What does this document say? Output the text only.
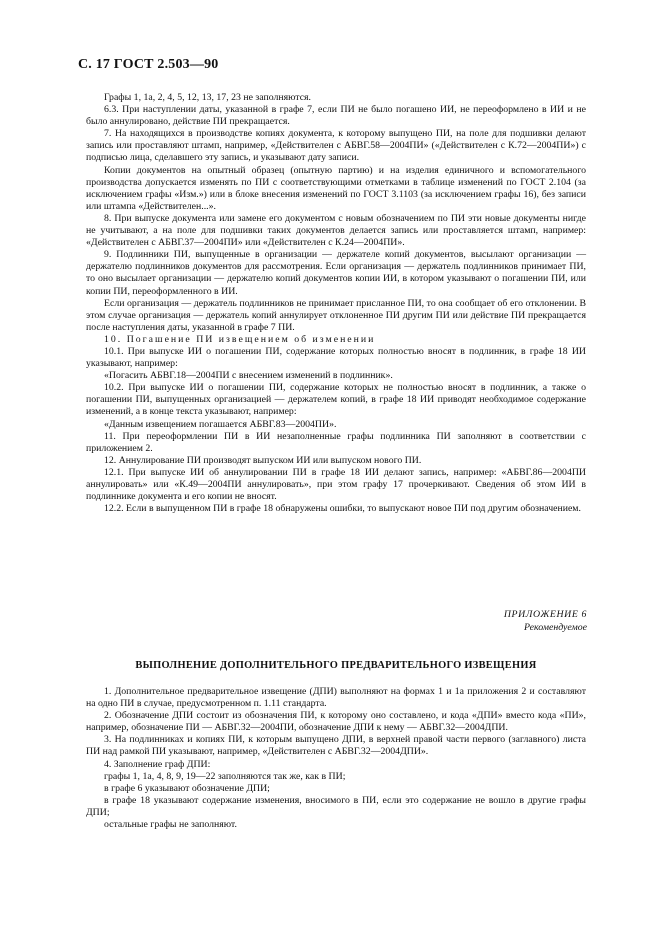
С. 17 ГОСТ 2.503—90

Графы 1, 1а, 2, 4, 5, 12, 13, 17, 23 не заполняются.

6.3. При наступлении даты, указанной в графе 7, если ПИ не было погашено ИИ, не переоформлено в ИИ и не было аннулировано, действие ПИ прекращается.

7. На находящихся в производстве копиях документа, к которому выпущено ПИ, на поле для подшивки делают запись или проставляют штамп, например, «Действителен с АБВГ.58—2004ПИ» («Действителен с К.72—2004ПИ») с подписью лица, сделавшего эту запись, и указывают дату записи.

Копии документов на опытный образец (опытную партию) и на изделия единичного и вспомогательного производства допускается изменять по ПИ с соответствующими отметками в таблице изменений по ГОСТ 2.104 (за исключением графы «Изм.») или в блоке внесения изменений по ГОСТ 3.1103 (за исключением графы 16), без записи или штампа «Действителен...».

8. При выпуске документа или замене его документом с новым обозначением по ПИ эти новые документы нигде не учитывают, а на поле для подшивки таких документов делается запись или проставляется штамп, например: «Действителен с АБВГ.37—2004ПИ» или «Действителен с К.24—2004ПИ».

9. Подлинники ПИ, выпущенные в организации — держателе копий документов, высылают организации — держателю подлинников документов для рассмотрения. Если организация — держатель подлинников принимает ПИ, то оно высылает организации — держателю копий документов копии ИИ, в котором указывают о погашении ПИ, или копии ПИ, переоформленного в ИИ.

Если организация — держатель подлинников не принимает присланное ПИ, то она сообщает об его отклонении. В этом случае организация — держатель копий аннулирует отклоненное ПИ другим ПИ или действие ПИ прекращается после наступления даты, указанной в графе 7 ПИ.

10. Погашение ПИ извещением об изменении

10.1. При выпуске ИИ о погашении ПИ, содержание которых полностью вносят в подлинник, в графе 18 ИИ указывают, например:

«Погасить АБВГ.18—2004ПИ с внесением изменений в подлинник».

10.2. При выпуске ИИ о погашении ПИ, содержание которых не полностью вносят в подлинник, а также о погашении ПИ, выпущенных организацией — держателем копий, в графе 18 ИИ приводят необходимое содержание изменений, а в конце текста указывают, например:

«Данным извещением погашается АБВГ.83—2004ПИ».

11. При переоформлении ПИ в ИИ незаполненные графы подлинника ПИ заполняют в соответствии с приложением 2.

12. Аннулирование ПИ производят выпуском ИИ или выпуском нового ПИ.

12.1. При выпуске ИИ об аннулировании ПИ в графе 18 ИИ делают запись, например: «АБВГ.86—2004ПИ аннулировать» или «К.49—2004ПИ аннулировать», при этом графу 17 прочеркивают. Сведения об этом ИИ в подлиннике документа и его копии не вносят.

12.2. Если в выпущенном ПИ в графе 18 обнаружены ошибки, то выпускают новое ПИ под другим обозначением.

ПРИЛОЖЕНИЕ 6
Рекомендуемое
ВЫПОЛНЕНИЕ ДОПОЛНИТЕЛЬНОГО ПРЕДВАРИТЕЛЬНОГО ИЗВЕЩЕНИЯ

1. Дополнительное предварительное извещение (ДПИ) выполняют на формах 1 и 1а приложения 2 и составляют на одно ПИ в случае, предусмотренном п. 1.11 стандарта.

2. Обозначение ДПИ состоит из обозначения ПИ, к которому оно составлено, и кода «ДПИ» вместо кода «ПИ», например, обозначение ПИ — АБВГ.32—2004ПИ, обозначение ДПИ к нему — АБВГ.32—2004ДПИ.

3. На подлинниках и копиях ПИ, к которым выпущено ДПИ, в верхней правой части первого (заглавного) листа ПИ над рамкой ПИ указывают, например, «Действителен с АБВГ.32—2004ДПИ».

4. Заполнение граф ДПИ:

графы 1, 1а, 4, 8, 9, 19—22 заполняются так же, как в ПИ;

в графе 6 указывают обозначение ДПИ;

в графе 18 указывают содержание изменения, вносимого в ПИ, если это содержание не вошло в другие графы ДПИ;

остальные графы не заполняют.
